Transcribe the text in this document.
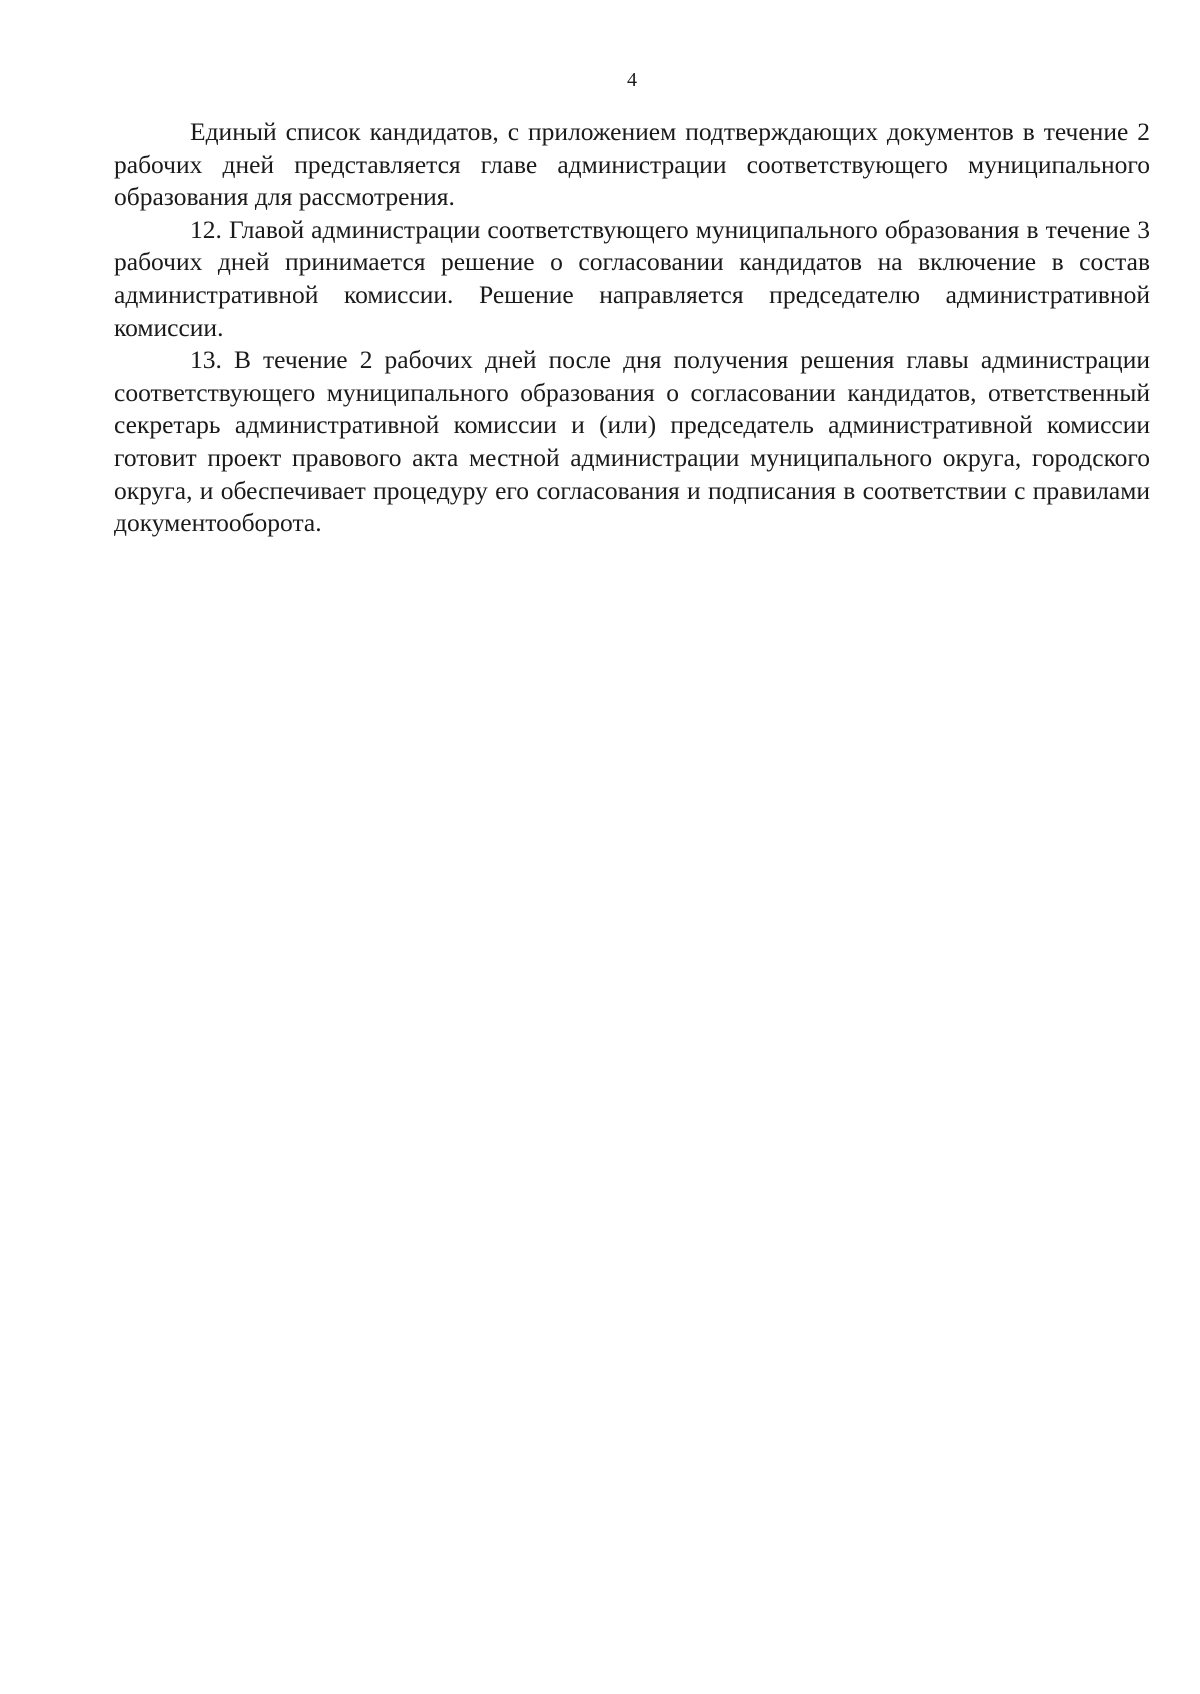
4

Единый список кандидатов, с приложением подтверждающих документов в течение 2 рабочих дней представляется главе администрации соответствующего муниципального образования для рассмотрения.

12. Главой администрации соответствующего муниципального образования в течение 3 рабочих дней принимается решение о согласовании кандидатов на включение в состав административной комиссии. Решение направляется председателю административной комиссии.

13. В течение 2 рабочих дней после дня получения решения главы администрации соответствующего муниципального образования о согласовании кандидатов, ответственный секретарь административной комиссии и (или) председатель административной комиссии готовит проект правового акта местной администрации муниципального округа, городского округа, и обеспечивает процедуру его согласования и подписания в соответствии с правилами документооборота.
